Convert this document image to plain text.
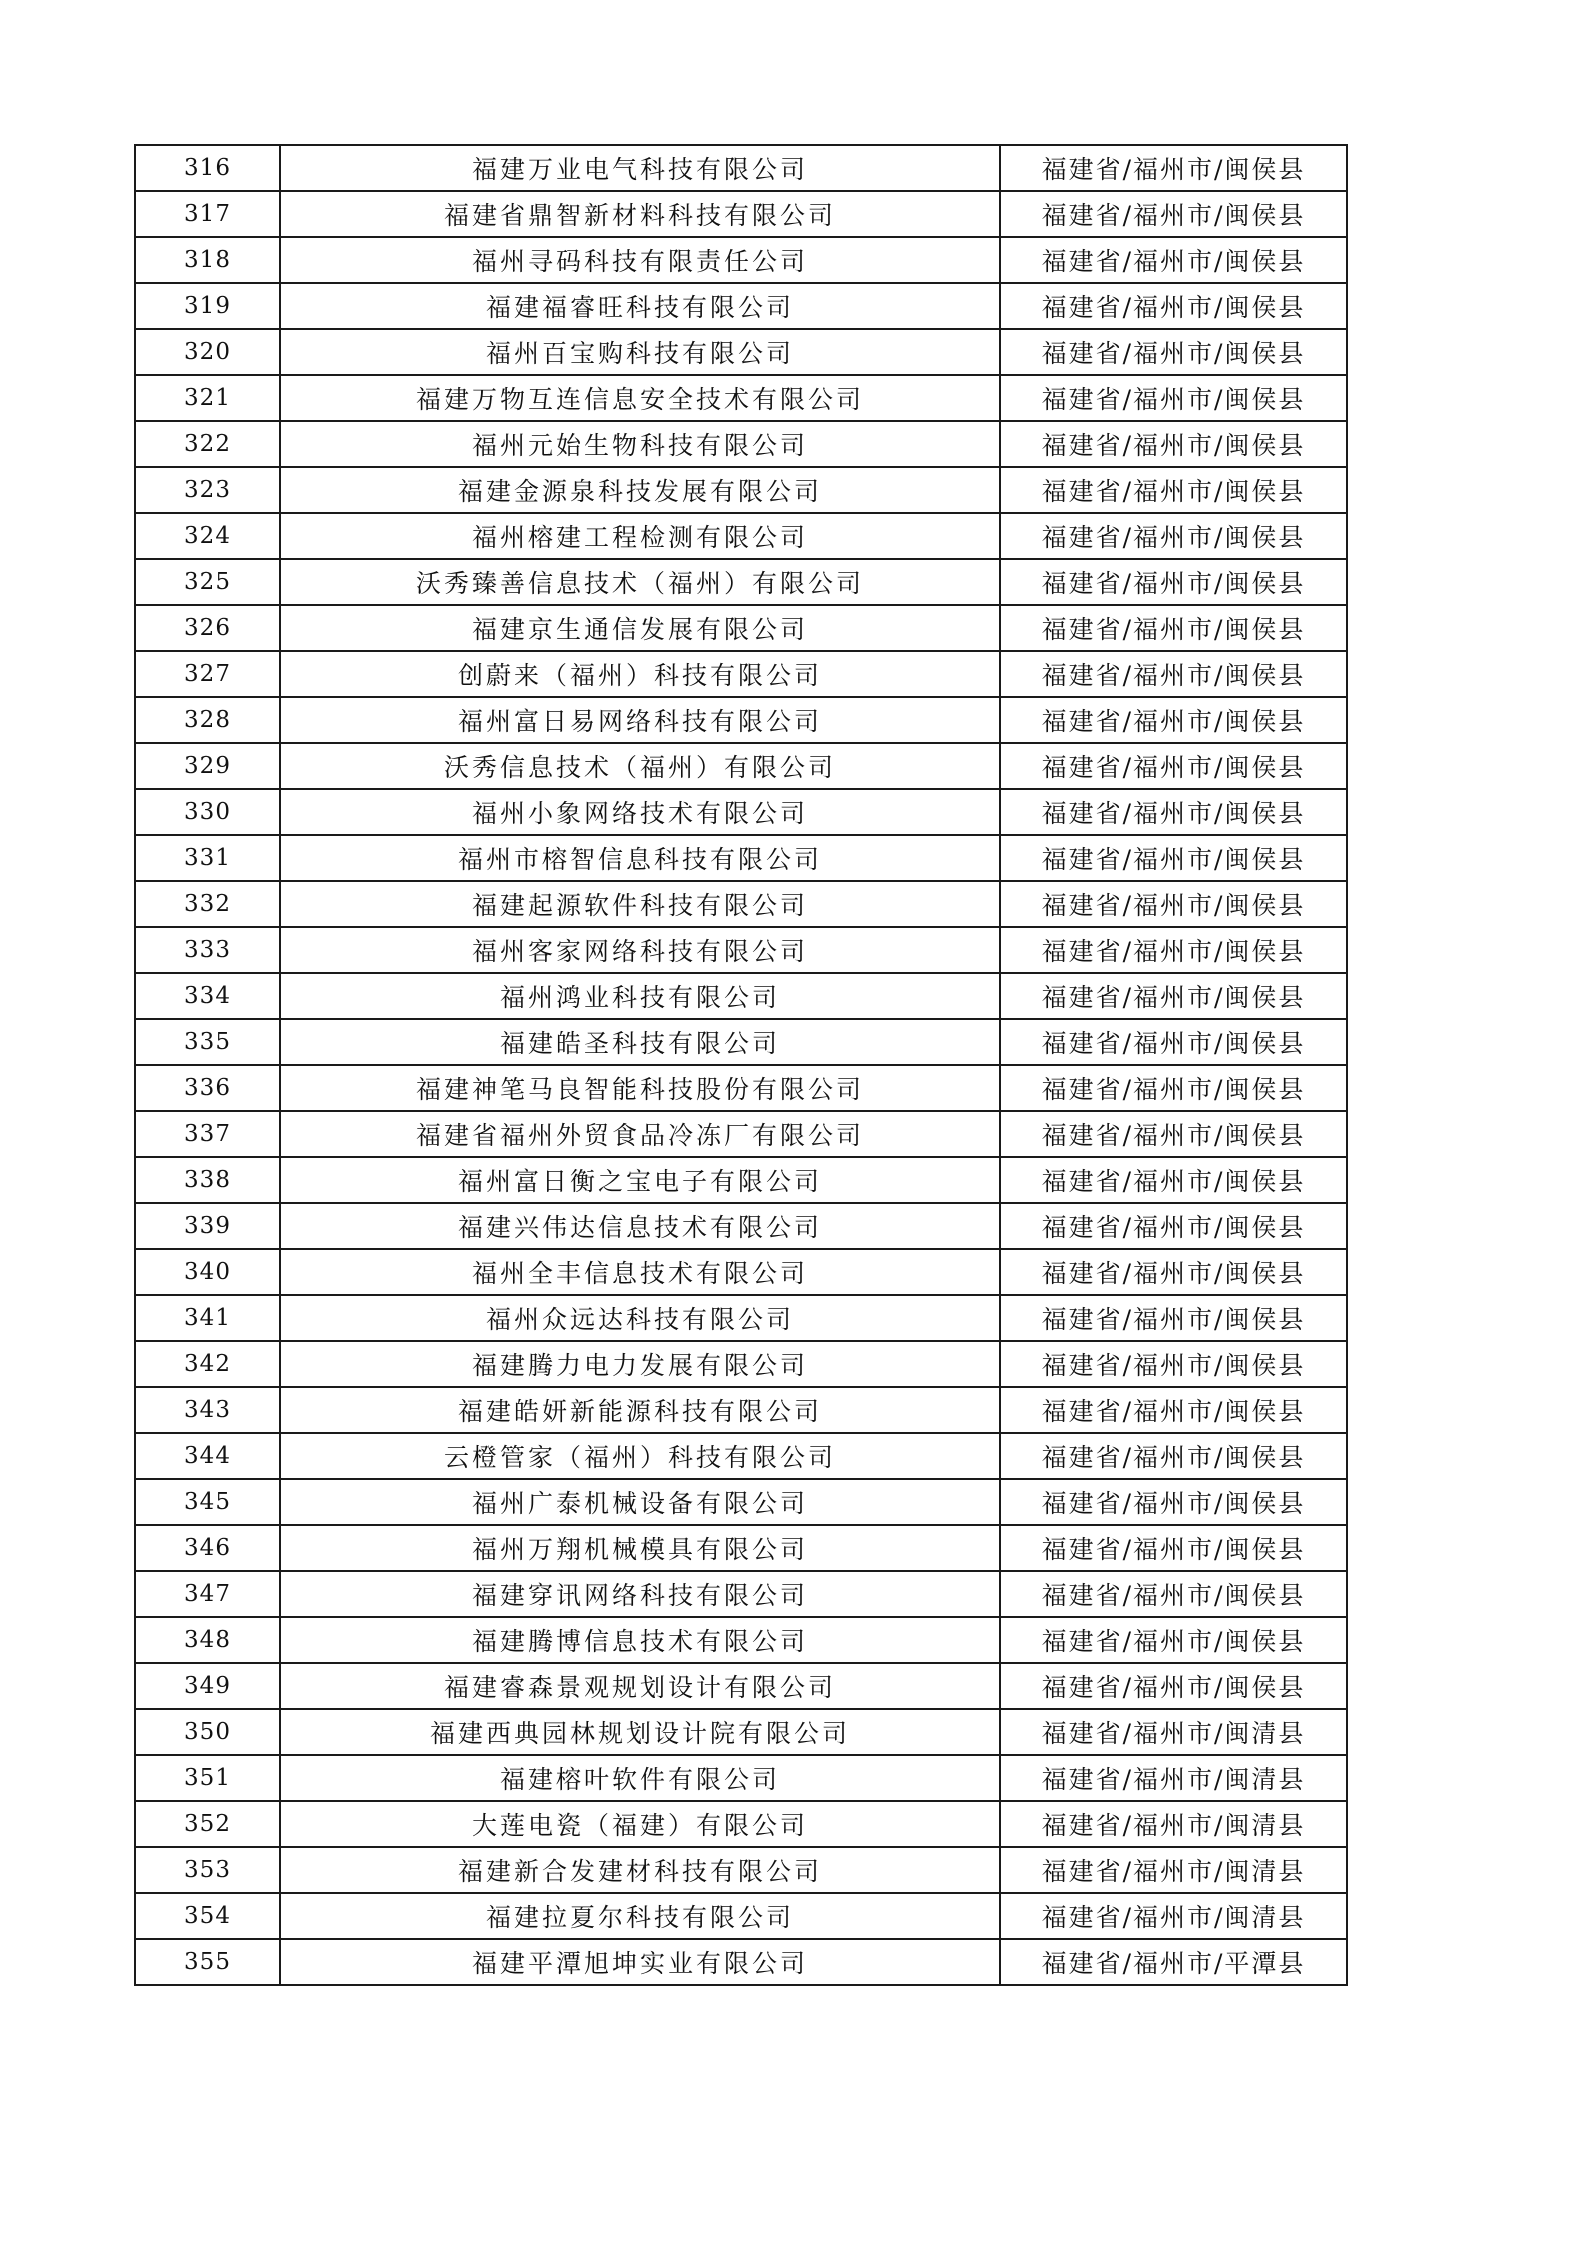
316	福建万业电气科技有限公司	福建省/福州市/闽侯县
317	福建省鼎智新材料科技有限公司	福建省/福州市/闽侯县
318	福州寻码科技有限责任公司	福建省/福州市/闽侯县
319	福建福睿旺科技有限公司	福建省/福州市/闽侯县
320	福州百宝购科技有限公司	福建省/福州市/闽侯县
321	福建万物互连信息安全技术有限公司	福建省/福州市/闽侯县
322	福州元始生物科技有限公司	福建省/福州市/闽侯县
323	福建金源泉科技发展有限公司	福建省/福州市/闽侯县
324	福州榕建工程检测有限公司	福建省/福州市/闽侯县
325	沃秀臻善信息技术（福州）有限公司	福建省/福州市/闽侯县
326	福建京生通信发展有限公司	福建省/福州市/闽侯县
327	创蔚来（福州）科技有限公司	福建省/福州市/闽侯县
328	福州富日易网络科技有限公司	福建省/福州市/闽侯县
329	沃秀信息技术（福州）有限公司	福建省/福州市/闽侯县
330	福州小象网络技术有限公司	福建省/福州市/闽侯县
331	福州市榕智信息科技有限公司	福建省/福州市/闽侯县
332	福建起源软件科技有限公司	福建省/福州市/闽侯县
333	福州客家网络科技有限公司	福建省/福州市/闽侯县
334	福州鸿业科技有限公司	福建省/福州市/闽侯县
335	福建皓圣科技有限公司	福建省/福州市/闽侯县
336	福建神笔马良智能科技股份有限公司	福建省/福州市/闽侯县
337	福建省福州外贸食品冷冻厂有限公司	福建省/福州市/闽侯县
338	福州富日衡之宝电子有限公司	福建省/福州市/闽侯县
339	福建兴伟达信息技术有限公司	福建省/福州市/闽侯县
340	福州全丰信息技术有限公司	福建省/福州市/闽侯县
341	福州众远达科技有限公司	福建省/福州市/闽侯县
342	福建腾力电力发展有限公司	福建省/福州市/闽侯县
343	福建皓妍新能源科技有限公司	福建省/福州市/闽侯县
344	云橙管家（福州）科技有限公司	福建省/福州市/闽侯县
345	福州广泰机械设备有限公司	福建省/福州市/闽侯县
346	福州万翔机械模具有限公司	福建省/福州市/闽侯县
347	福建穿讯网络科技有限公司	福建省/福州市/闽侯县
348	福建腾博信息技术有限公司	福建省/福州市/闽侯县
349	福建睿森景观规划设计有限公司	福建省/福州市/闽侯县
350	福建西典园林规划设计院有限公司	福建省/福州市/闽清县
351	福建榕叶软件有限公司	福建省/福州市/闽清县
352	大莲电瓷（福建）有限公司	福建省/福州市/闽清县
353	福建新合发建材科技有限公司	福建省/福州市/闽清县
354	福建拉夏尔科技有限公司	福建省/福州市/闽清县
355	福建平潭旭坤实业有限公司	福建省/福州市/平潭县
